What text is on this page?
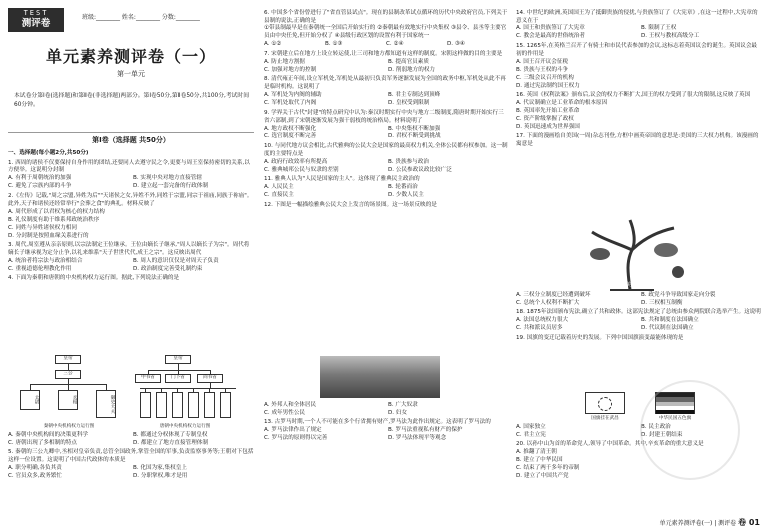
TEST
测评卷
班级:________ 姓名:________ 分数:________
单元素养测评卷（一）
第一单元
本试卷分第Ⅰ卷(选择题)和第Ⅱ卷(非选择题)两部分。第Ⅰ卷50分,第Ⅱ卷50分,共100分,考试时间60分钟。
第Ⅰ卷（选择题 共50分）
一、选择题(每小题2分,共50分)
1. 西周的诸侯不仅要保持自身作用的团结,还要同人去遵守民之令,更要与周王室保持密切的关系,以方便举。这说明分封制
A. 有利于周朝统治的加强	B. 实现中央对地方直接管辖
C. 避免了宗族内部的斗争	D. 建立起一套完备的行政体制
2.《左传》记载,"周之宗盟,异姓为后""天诸侯之女,异姓不外,同姓于宗盟,同宗于祖庙,同族于祢庙"。此外,天子和诸侯还经常举行"会葬之食"的典礼。材料反映了
A. 周代形成了以君权为核心的权力结构
B. 礼仪制度有助于维系邦政统治秩序
C. 同姓与异姓诸侯权力相同
D. 分封制是按照血缘关系进行的
3. 周代,周室遵从亲亲原则,以宗法制定王位继承。王位由嫡长子继承,"周人以嫡长子为宗"。周代将嫡长子继承视为定分止争,以礼来维系"天子世世代代,成王之宗"。这反映出周代
A. 统治者将宗法与政治相结合	B. 周人的意识仅仅是对周天子负责
C. 重视道德伦理教化作用	D. 政治制度完善受礼制约束
4. 下面为秦朝和唐朝的中央机构权力运行图。据此,下列说法正确的是
皇帝
三公
太尉	丞相	御史大夫
秦朝中央机构权力运行图
皇帝
中书省	门下省	尚书省
唐朝中央机构权力运行图
A. 秦朝中央机构间的决策更科学	B. 都通过分权体现了专制皇权
C. 唐朝出现了多相制的特点	D. 都建立了地方直接管理体制
5. 秦朝的三公九卿中,丞相对皇帝负责,总管全国政务,掌管全国的军事,负责监察事务等;王朝对下包括这样一位设置。这说明了中国古代政体的本质是
A. 职分明确,各负其责	B. 化国为家,集权皇上
C. 官员众多,政务繁忙	D. 分职掌权,唯才是用
6. 中国多个省份曾进行了"省直管县试点"。现在的县制改革试点循环的历代中央政府官员,下列关于县制的说法,正确的是
①带县制最早是在秦朝统一全国后开始实行的 ②秦朝最有效地实行中央集权 ③县令、县丞等主要官员由中央任免,但开始分权了 ④县级行政区划的设置有利于国家统一
A. ①②	B. ①③	C. ②④	D. ③④
7. 宋朝建立后在地方上设立转运使,让三司和地方都知道有这样的制度。宋朝这样做的目的主要是
A. 防止地方割据	B. 提高官员素质
C. 加强对地方的控制	D. 削弱地方的权力
8. 清代雍正年间,设立军机处,军机处从最初只负责军务逐渐发展为全国的政务中枢,军机处从此不再是临时机构。这说明了
A. 军机处为内阁的辅助	B. 君主专制达到顶峰
C. 军机处取代了内阁	D. 皇权受到限制
9. 学界关于古代"封建"的特点研究中认为:秦汉时期实行中央与地方二级制度,隋唐时期开始实行三省六部制,到了宋朝逐渐发展为强干弱枝的统治格局。材料说明了
A. 地方政权不断强化	B. 中央集权不断加强
C. 选官制度不断完善	D. 君权不断受到挑战
10. 与同代地方议会相比,古代雅典的公民大会是国家的最高权力机关,全体公民都有权参加。这一制度的主要特点是
A. 政府行政效率有所提高	B. 贵族参与政治
C. 雅典城邦公民与奴隶的差别	D. 公民参政议政比较广泛
11. 雅典人认为"人民是国家的主人"。这体现了雅典民主政治的
A. 人民民主	B. 轮番而治
C. 直接民主	D. 少数人民主
12. 下图是一幅描绘雅典公民大会上发言的场景图。这一场景反映的是
A. 外邦人和全体居民	B. 广大奴隶
C. 成年男性公民	D. 妇女
13. 古罗马时期,一个人不可能在多个行省拥有财产,罗马法为此作出规定。这表明了罗马法的
A. 罗马法律作出了规定	B. 罗马法重视私有财产的保护
C. 罗马法的原则得以完善	D. 罗马法体现平等观念
14. 中世纪的欧洲,英国国王为了抵御贵族的侵扰,与贵族签订了《大宪章》,在这一过程中,大宪章的意义在于
A. 国王和贵族签订了大宪章	B. 限制了王权
C. 教会是最高的世俗统治者	D. 王权与教权高级分工
15. 1265年,在英格兰召开了有骑士和市民代表参加的会议,这标志着英国议会的诞生。英国议会最初的作用是
A. 国王召开议会征税
B. 贵族与王权的斗争
C. 三级会议召开的机构
D. 通过宪法制约国王权力
16. 英国《权利法案》颁布后,议会的权力不断扩大,国王的权力受到了很大的限制,这反映了英国
A. 代议制确立是工业革命的根本原因
B. 英国率先开始工业革命
C. 资产阶级掌握了政权
D. 英国迅速成为世界强国
17. 下面的漫画绘自美国(一周)杂志刊登,方框中画英帝国的意思是:美国的三大权力机构。该漫画的寓意是
美国三权分立
A. 三权分立制度已经遭到破坏	B. 政党斗争导致国家走向分裂
C. 总统个人权利不断扩大	D. 三权相互制衡
18. 1875年法国颁布宪法,确立了共和政体。这部宪法规定了总统由参众两院联合选举产生。这说明
A. 法国总统权力很大	B. 共和制度在法国确立
C. 共和派议员居多	D. 代议制在法国确立
19. 国旗的变迁记载着历史的发展。下列中国国旗演变最能体现的是
国旗挂在武昌	中华民国五色旗
A. 国家独立	B. 民主政治
C. 君主立宪	D. 封建王朝结束
20. 以孙中山为首的革命党人,领导了中国革命。其中,辛亥革命的重大意义是
A. 推翻了清王朝
B. 建立了中华民国
C. 结束了两千多年的帝制
D. 建立了中国共产党
单元素养测评卷(一) | 测评卷 卷 01
